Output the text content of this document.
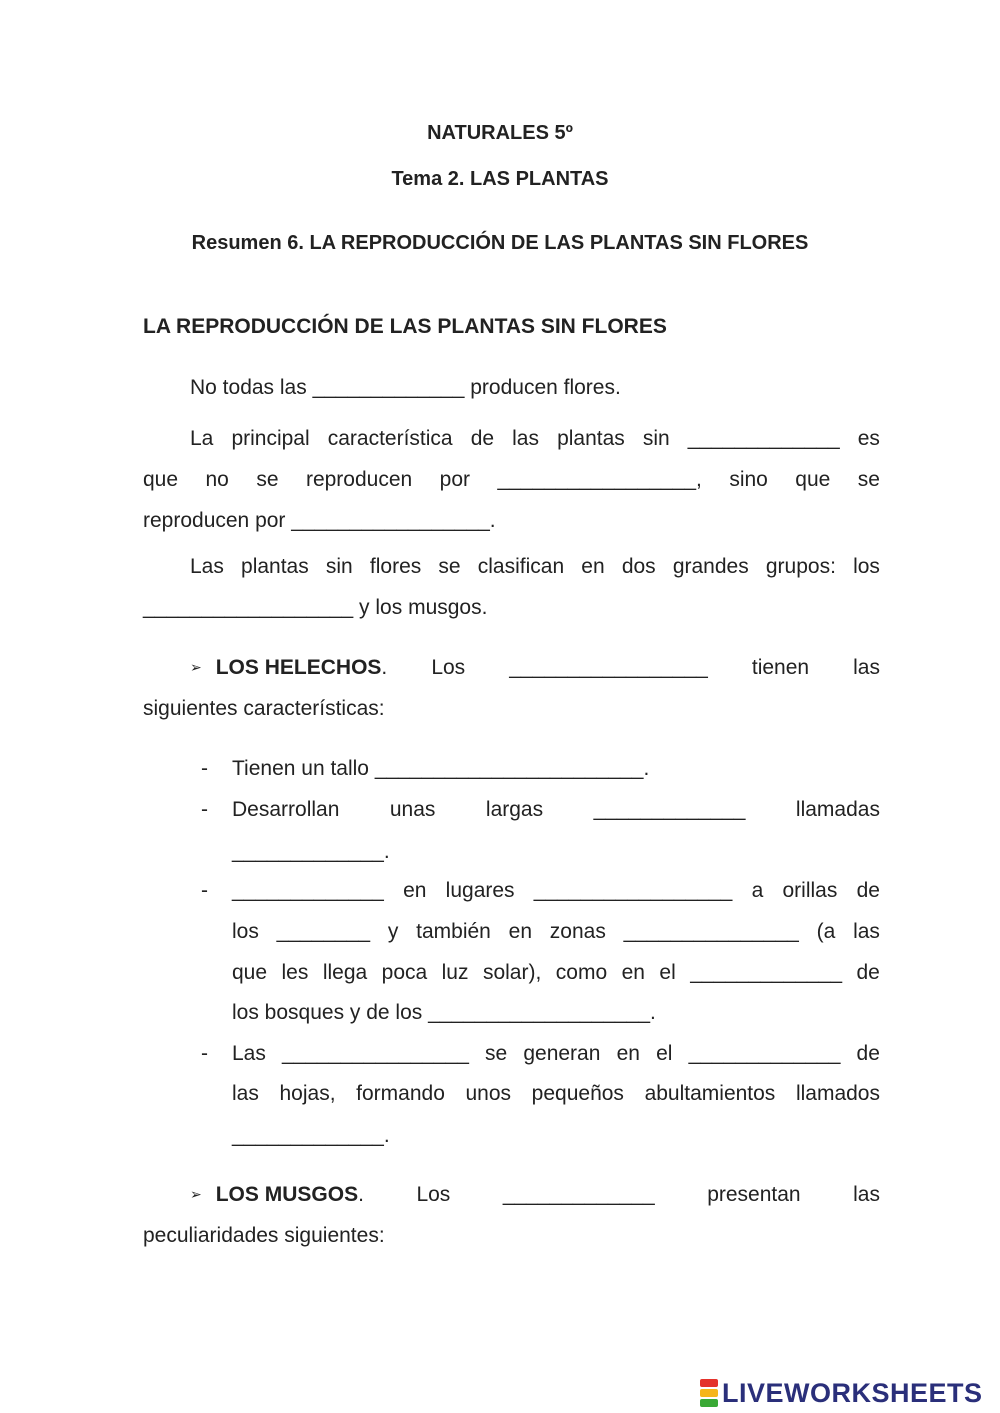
NATURALES 5º
Tema 2. LAS PLANTAS
Resumen 6. LA REPRODUCCIÓN DE LAS PLANTAS SIN FLORES
LA REPRODUCCIÓN DE LAS PLANTAS SIN FLORES
No todas las _____________ producen flores.
La principal característica de las plantas sin _____________ es
que no se reproducen por _________________, sino que se
reproducen por _________________.
Las plantas sin flores se clasifican en dos grandes grupos: los
__________________ y los musgos.
➢ LOS HELECHOS. Los _________________ tienen las
siguientes características:
- Tienen un tallo _______________________.
- Desarrollan unas largas _____________ llamadas
_____________.
- _____________ en lugares _________________ a orillas de
los ________ y también en zonas _______________ (a las
que les llega poca luz solar), como en el _____________ de
los bosques y de los ___________________.
- Las ________________ se generan en el _____________ de
las hojas, formando unos pequeños abultamientos llamados
_____________.
➢ LOS MUSGOS.	Los	_____________	presentan	las
peculiaridades siguientes:
LIVEWORKSHEETS
